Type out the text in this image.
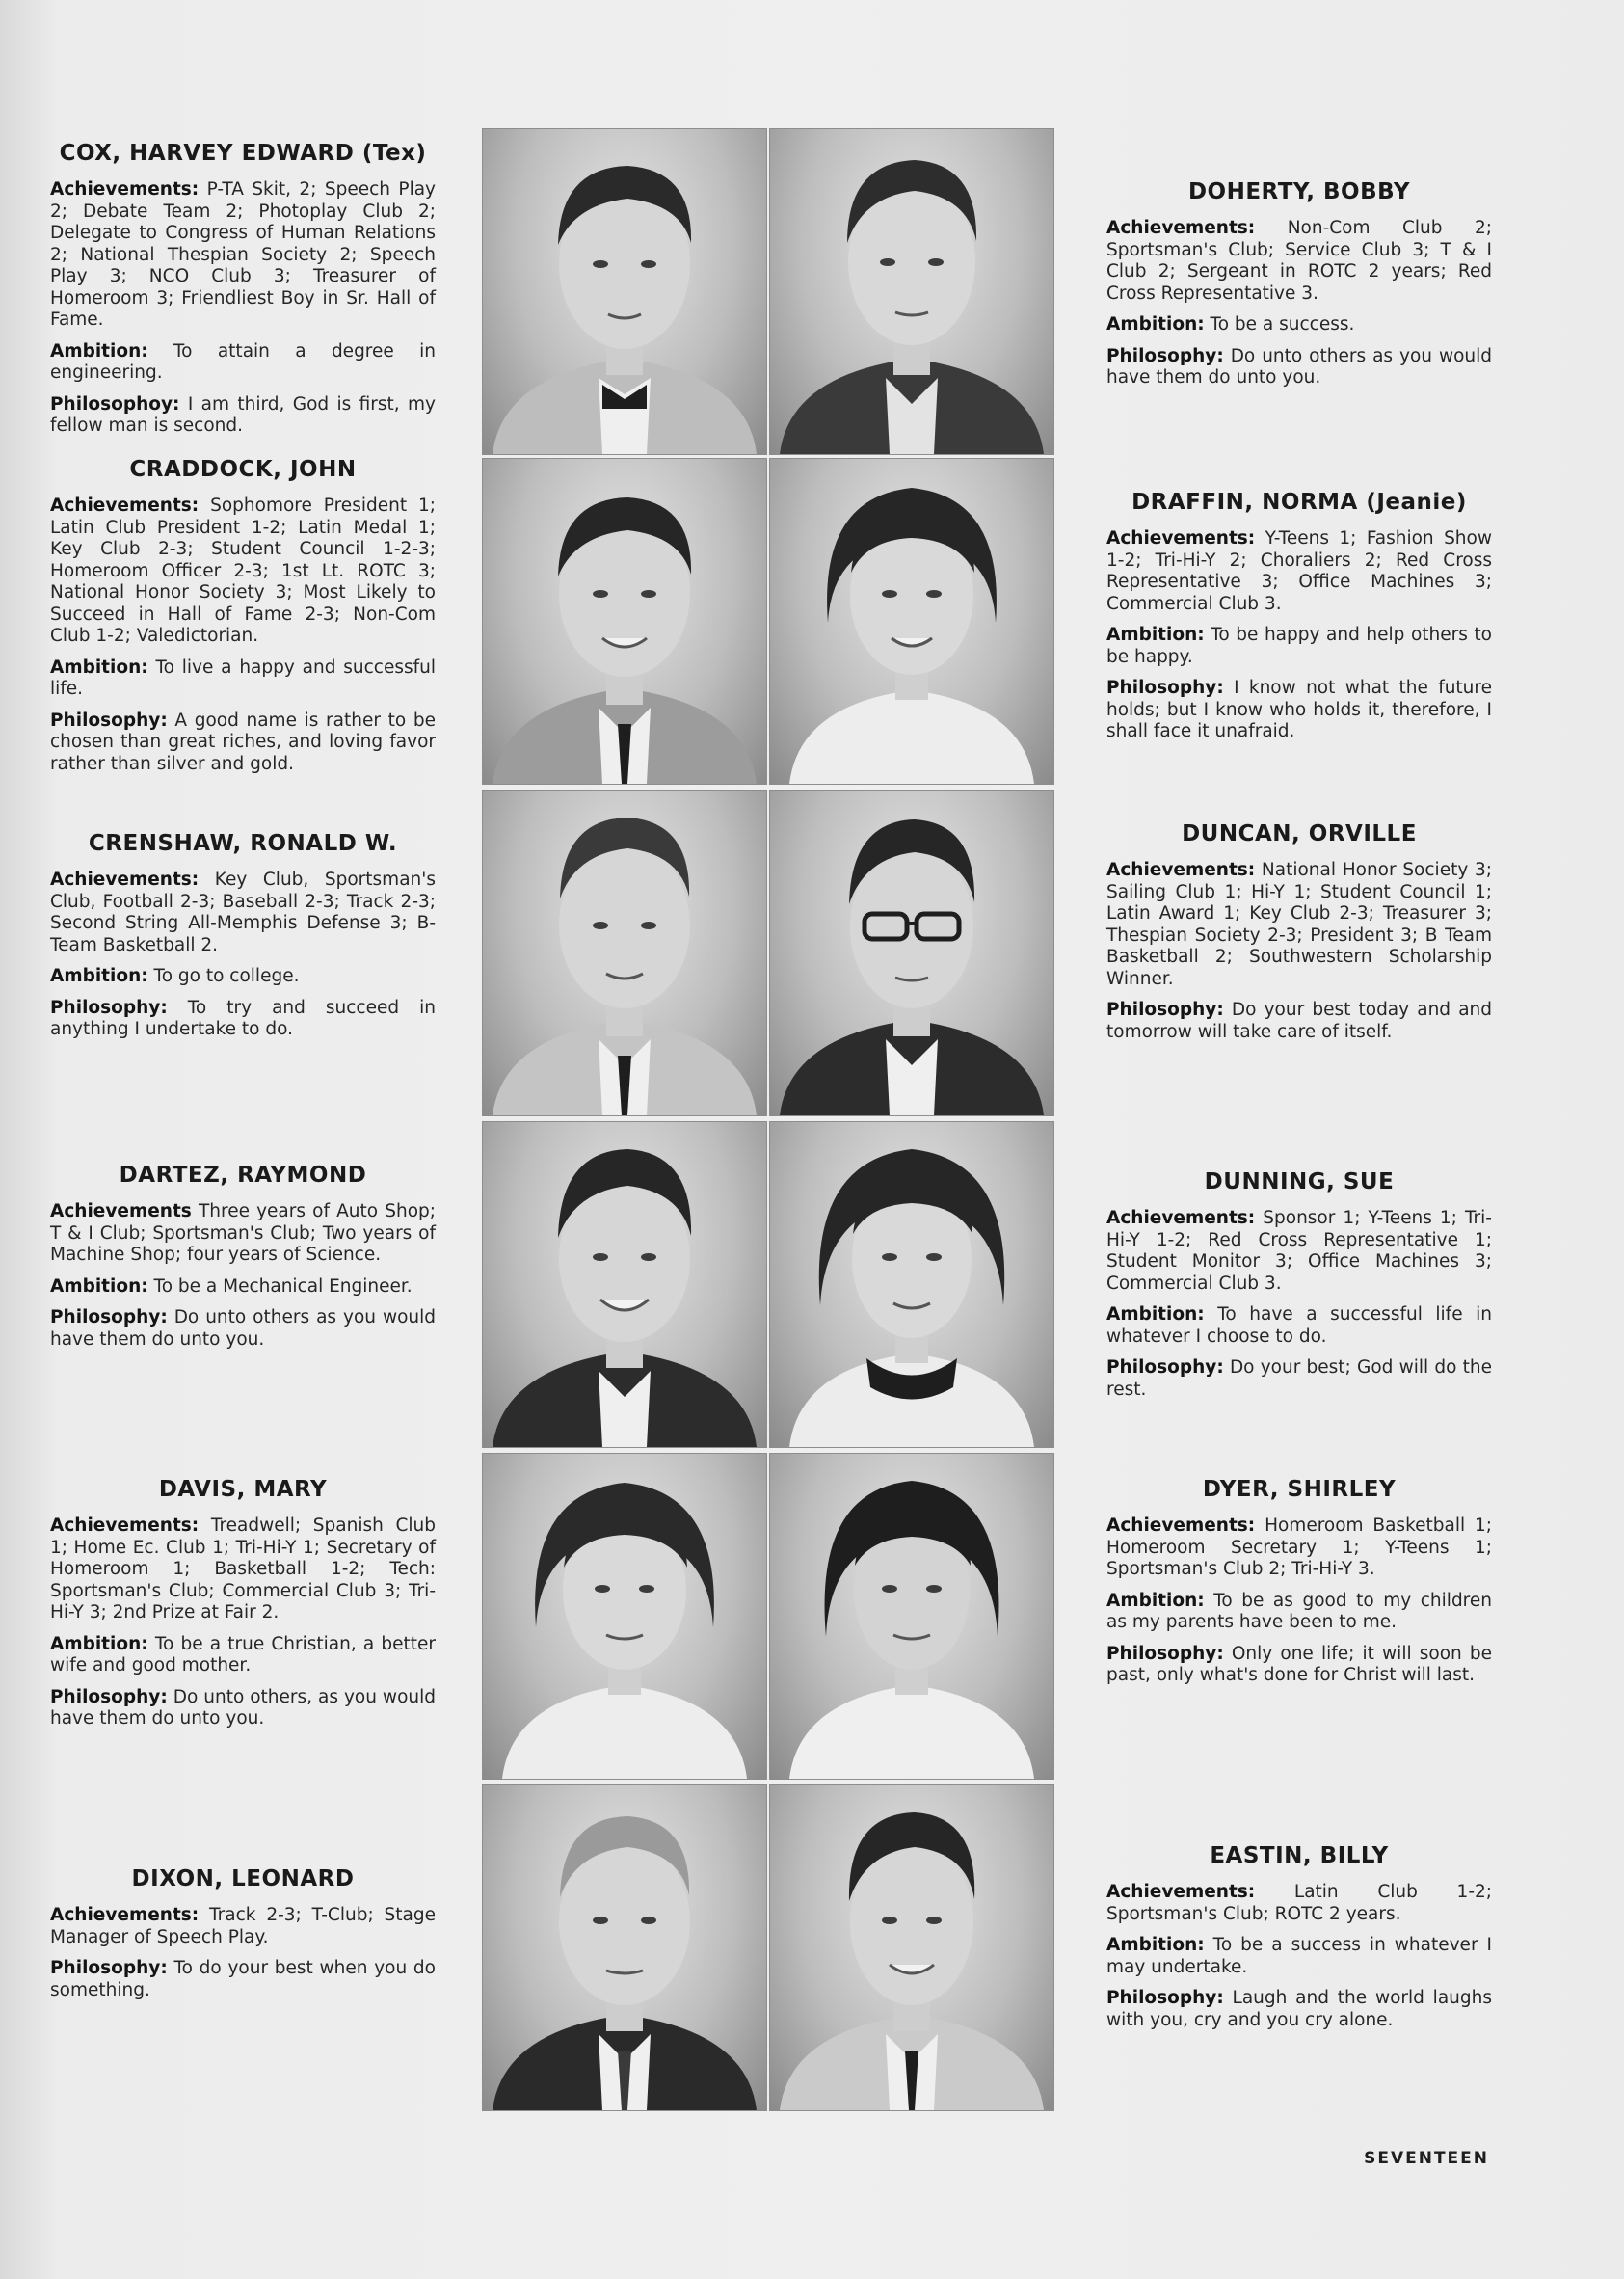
COX, HARVEY EDWARD (Tex)

Achievements: P-TA Skit, 2; Speech Play 2; Debate Team 2; Photoplay Club 2; Delegate to Congress of Human Relations 2; National Thespian Society 2; Speech Play 3; NCO Club 3; Treasurer of Homeroom 3; Friendliest Boy in Sr. Hall of Fame.

Ambition: To attain a degree in engineering.

Philosophoy: I am third, God is first, my fellow man is second.

CRADDOCK, JOHN

Achievements: Sophomore President 1; Latin Club President 1-2; Latin Medal 1; Key Club 2-3; Student Council 1-2-3; Homeroom Officer 2-3; 1st Lt. ROTC 3; National Honor Society 3; Most Likely to Succeed in Hall of Fame 2-3; Non-Com Club 1-2; Valedictorian.

Ambition: To live a happy and successful life.

Philosophy: A good name is rather to be chosen than great riches, and loving favor rather than silver and gold.

CRENSHAW, RONALD W.

Achievements: Key Club, Sportsman's Club, Football 2-3; Baseball 2-3; Track 2-3; Second String All-Memphis Defense 3; B-Team Basketball 2.

Ambition: To go to college.

Philosophy: To try and succeed in anything I undertake to do.

DARTEZ, RAYMOND

Achievements Three years of Auto Shop; T & I Club; Sportsman's Club; Two years of Machine Shop; four years of Science.

Ambition: To be a Mechanical Engineer.

Philosophy: Do unto others as you would have them do unto you.

DAVIS, MARY

Achievements: Treadwell; Spanish Club 1; Home Ec. Club 1; Tri-Hi-Y 1; Secretary of Homeroom 1; Basketball 1-2; Tech: Sportsman's Club; Commercial Club 3; Tri-Hi-Y 3; 2nd Prize at Fair 2.

Ambition: To be a true Christian, a better wife and good mother.

Philosophy: Do unto others, as you would have them do unto you.

DIXON, LEONARD

Achievements: Track 2-3; T-Club; Stage Manager of Speech Play.

Philosophy: To do your best when you do something.

DOHERTY, BOBBY

Achievements: Non-Com Club 2; Sportsman's Club; Service Club 3; T & I Club 2; Sergeant in ROTC 2 years; Red Cross Representative 3.

Ambition: To be a success.

Philosophy: Do unto others as you would have them do unto you.

DRAFFIN, NORMA (Jeanie)

Achievements: Y-Teens 1; Fashion Show 1-2; Tri-Hi-Y 2; Choraliers 2; Red Cross Representative 3; Office Machines 3; Commercial Club 3.

Ambition: To be happy and help others to be happy.

Philosophy: I know not what the future holds; but I know who holds it, therefore, I shall face it unafraid.

DUNCAN, ORVILLE

Achievements: National Honor Society 3; Sailing Club 1; Hi-Y 1; Student Council 1; Latin Award 1; Key Club 2-3; Treasurer 3; Thespian Society 2-3; President 3; B Team Basketball 2; Southwestern Scholarship Winner.

Philosophy: Do your best today and and tomorrow will take care of itself.

DUNNING, SUE

Achievements: Sponsor 1; Y-Teens 1; Tri-Hi-Y 1-2; Red Cross Representative 1; Student Monitor 3; Office Machines 3; Commercial Club 3.

Ambition: To have a successful life in whatever I choose to do.

Philosophy: Do your best; God will do the rest.

DYER, SHIRLEY

Achievements: Homeroom Basketball 1; Homeroom Secretary 1; Y-Teens 1; Sportsman's Club 2; Tri-Hi-Y 3.

Ambition: To be as good to my children as my parents have been to me.

Philosophy: Only one life; it will soon be past, only what's done for Christ will last.

EASTIN, BILLY

Achievements: Latin Club 1-2; Sportsman's Club; ROTC 2 years.

Ambition: To be a success in whatever I may undertake.

Philosophy: Laugh and the world laughs with you, cry and you cry alone.

SEVENTEEN
